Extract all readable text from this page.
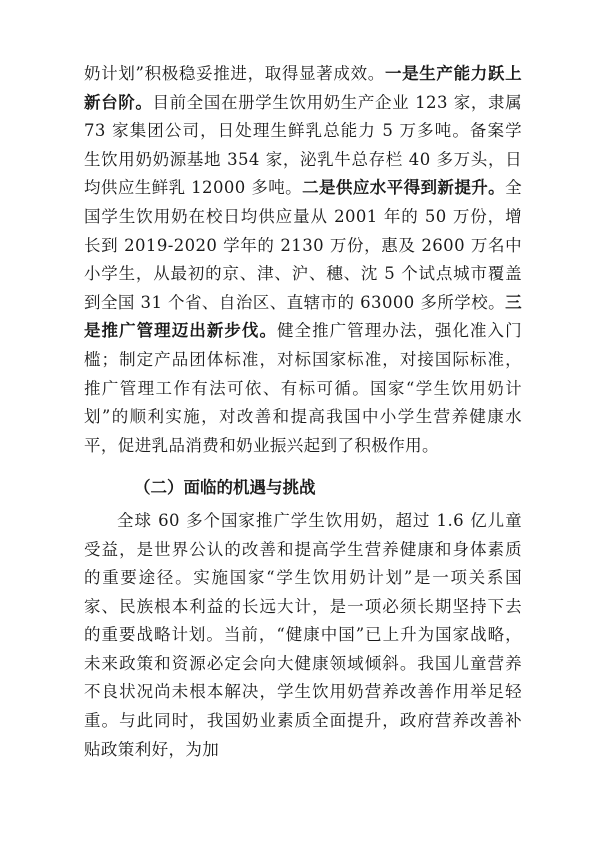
奶计划”积极稳妥推进，取得显著成效。一是生产能力跃上新台阶。目前全国在册学生饮用奶生产企业 123 家，隶属 73 家集团公司，日处理生鲜乳总能力 5 万多吨。备案学生饮用奶奶源基地 354 家，泌乳牛总存栏 40 多万头，日均供应生鲜乳 12000 多吨。二是供应水平得到新提升。全国学生饮用奶在校日均供应量从 2001 年的 50 万份，增长到 2019-2020 学年的 2130 万份，惠及 2600 万名中小学生，从最初的京、津、沪、穗、沈 5 个试点城市覆盖到全国 31 个省、自治区、直辖市的 63000 多所学校。三是推广管理迈出新步伐。健全推广管理办法，强化准入门槛；制定产品团体标准，对标国家标准，对接国际标准，推广管理工作有法可依、有标可循。国家“学生饮用奶计划”的顺利实施，对改善和提高我国中小学生营养健康水平，促进乳品消费和奶业振兴起到了积极作用。

（二）面临的机遇与挑战

全球 60 多个国家推广学生饮用奶，超过 1.6 亿儿童受益，是世界公认的改善和提高学生营养健康和身体素质的重要途径。实施国家“学生饮用奶计划”是一项关系国家、民族根本利益的长远大计，是一项必须长期坚持下去的重要战略计划。当前，“健康中国”已上升为国家战略，未来政策和资源必定会向大健康领域倾斜。我国儿童营养不良状况尚未根本解决，学生饮用奶营养改善作用举足轻重。与此同时，我国奶业素质全面提升，政府营养改善补贴政策利好，为加
